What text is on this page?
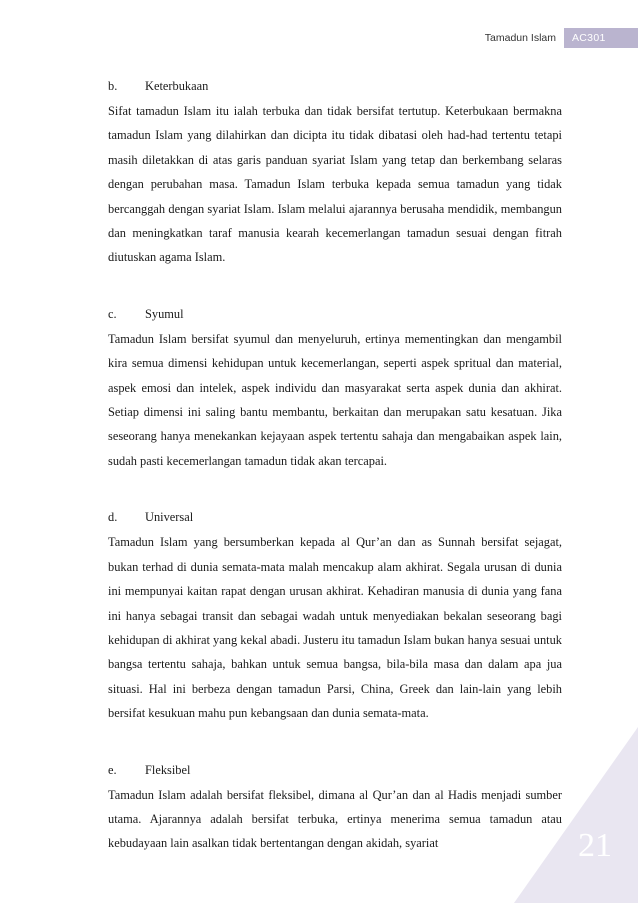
Tamadun Islam	AC301
b.	Keterbukaan

Sifat tamadun Islam itu ialah terbuka dan tidak bersifat tertutup. Keterbukaan bermakna tamadun Islam yang dilahirkan dan dicipta itu tidak dibatasi oleh had-had tertentu tetapi masih diletakkan di atas garis panduan syariat Islam yang tetap dan berkembang selaras dengan perubahan masa. Tamadun Islam terbuka kepada semua tamadun yang tidak bercanggah dengan syariat Islam. Islam melalui ajarannya berusaha mendidik, membangun dan meningkatkan taraf manusia kearah kecemerlangan tamadun sesuai dengan fitrah diutuskan agama Islam.

c.	Syumul

Tamadun Islam bersifat syumul dan menyeluruh, ertinya mementingkan dan mengambil kira semua dimensi kehidupan untuk kecemerlangan, seperti aspek spritual dan material, aspek emosi dan intelek, aspek individu dan masyarakat serta aspek dunia dan akhirat. Setiap dimensi ini saling bantu membantu, berkaitan dan merupakan satu kesatuan. Jika seseorang hanya menekankan kejayaan aspek tertentu sahaja dan mengabaikan aspek lain, sudah pasti kecemerlangan tamadun tidak akan tercapai.

d.	Universal

Tamadun Islam yang bersumberkan kepada al Qur’an dan as Sunnah bersifat sejagat, bukan terhad di dunia semata-mata malah mencakup alam akhirat. Segala urusan di dunia ini mempunyai kaitan rapat dengan urusan akhirat. Kehadiran manusia di dunia yang fana ini hanya sebagai transit dan sebagai wadah untuk menyediakan bekalan seseorang bagi kehidupan di akhirat yang kekal abadi. Justeru itu tamadun Islam bukan hanya sesuai untuk bangsa tertentu sahaja, bahkan untuk semua bangsa, bila-bila masa dan dalam apa jua situasi. Hal ini berbeza dengan tamadun Parsi, China, Greek dan lain-lain yang lebih bersifat kesukuan mahu pun kebangsaan dan dunia semata-mata.

e.	Fleksibel

Tamadun Islam adalah bersifat fleksibel, dimana al Qur’an dan al Hadis menjadi sumber utama. Ajarannya adalah bersifat terbuka, ertinya menerima semua tamadun atau kebudayaan lain asalkan tidak bertentangan dengan akidah, syariat	21
